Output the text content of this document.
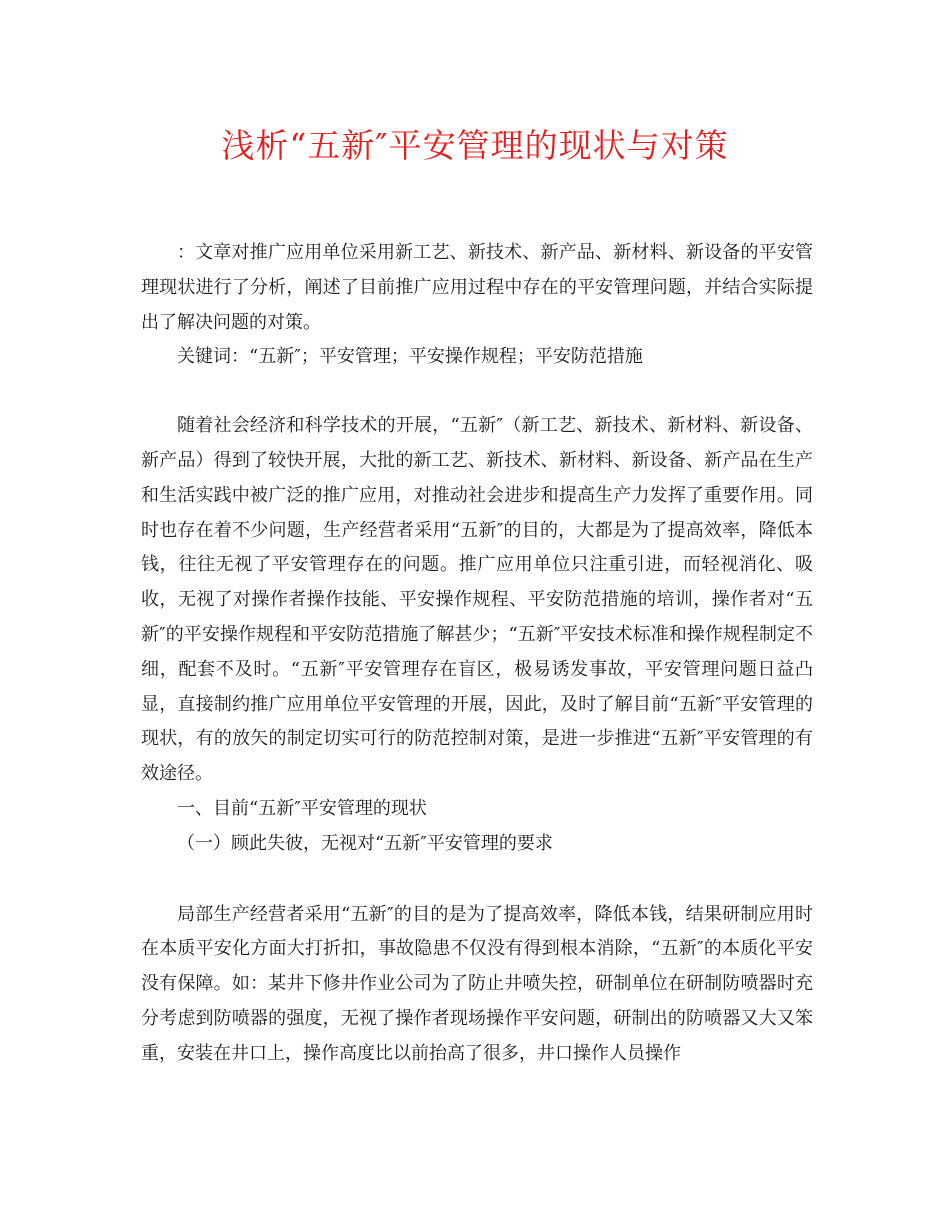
浅析“五新″平安管理的现状与对策

：文章对推广应用单位采用新工艺、新技术、新产品、新材料、新设备的平安管理现状进行了分析，阐述了目前推广应用过程中存在的平安管理问题，并结合实际提出了解决问题的对策。

关键词：“五新″；平安管理；平安操作规程；平安防范措施

随着社会经济和科学技术的开展，“五新″（新工艺、新技术、新材料、新设备、新产品）得到了较快开展，大批的新工艺、新技术、新材料、新设备、新产品在生产和生活实践中被广泛的推广应用，对推动社会进步和提高生产力发挥了重要作用。同时也存在着不少问题，生产经营者采用“五新″的目的，大都是为了提高效率，降低本钱，往往无视了平安管理存在的问题。推广应用单位只注重引进，而轻视消化、吸收，无视了对操作者操作技能、平安操作规程、平安防范措施的培训，操作者对“五新″的平安操作规程和平安防范措施了解甚少；“五新″平安技术标准和操作规程制定不细，配套不及时。“五新″平安管理存在盲区，极易诱发事故，平安管理问题日益凸显，直接制约推广应用单位平安管理的开展，因此，及时了解目前“五新″平安管理的现状，有的放矢的制定切实可行的防范控制对策，是进一步推进“五新″平安管理的有效途径。

一、目前“五新″平安管理的现状

（一）顾此失彼，无视对“五新″平安管理的要求

局部生产经营者采用“五新″的目的是为了提高效率，降低本钱，结果研制应用时在本质平安化方面大打折扣，事故隐患不仅没有得到根本消除，“五新″的本质化平安没有保障。如：某井下修井作业公司为了防止井喷失控，研制单位在研制防喷器时充分考虑到防喷器的强度，无视了操作者现场操作平安问题，研制出的防喷器又大又笨重，安装在井口上，操作高度比以前抬高了很多，井口操作人员操作
